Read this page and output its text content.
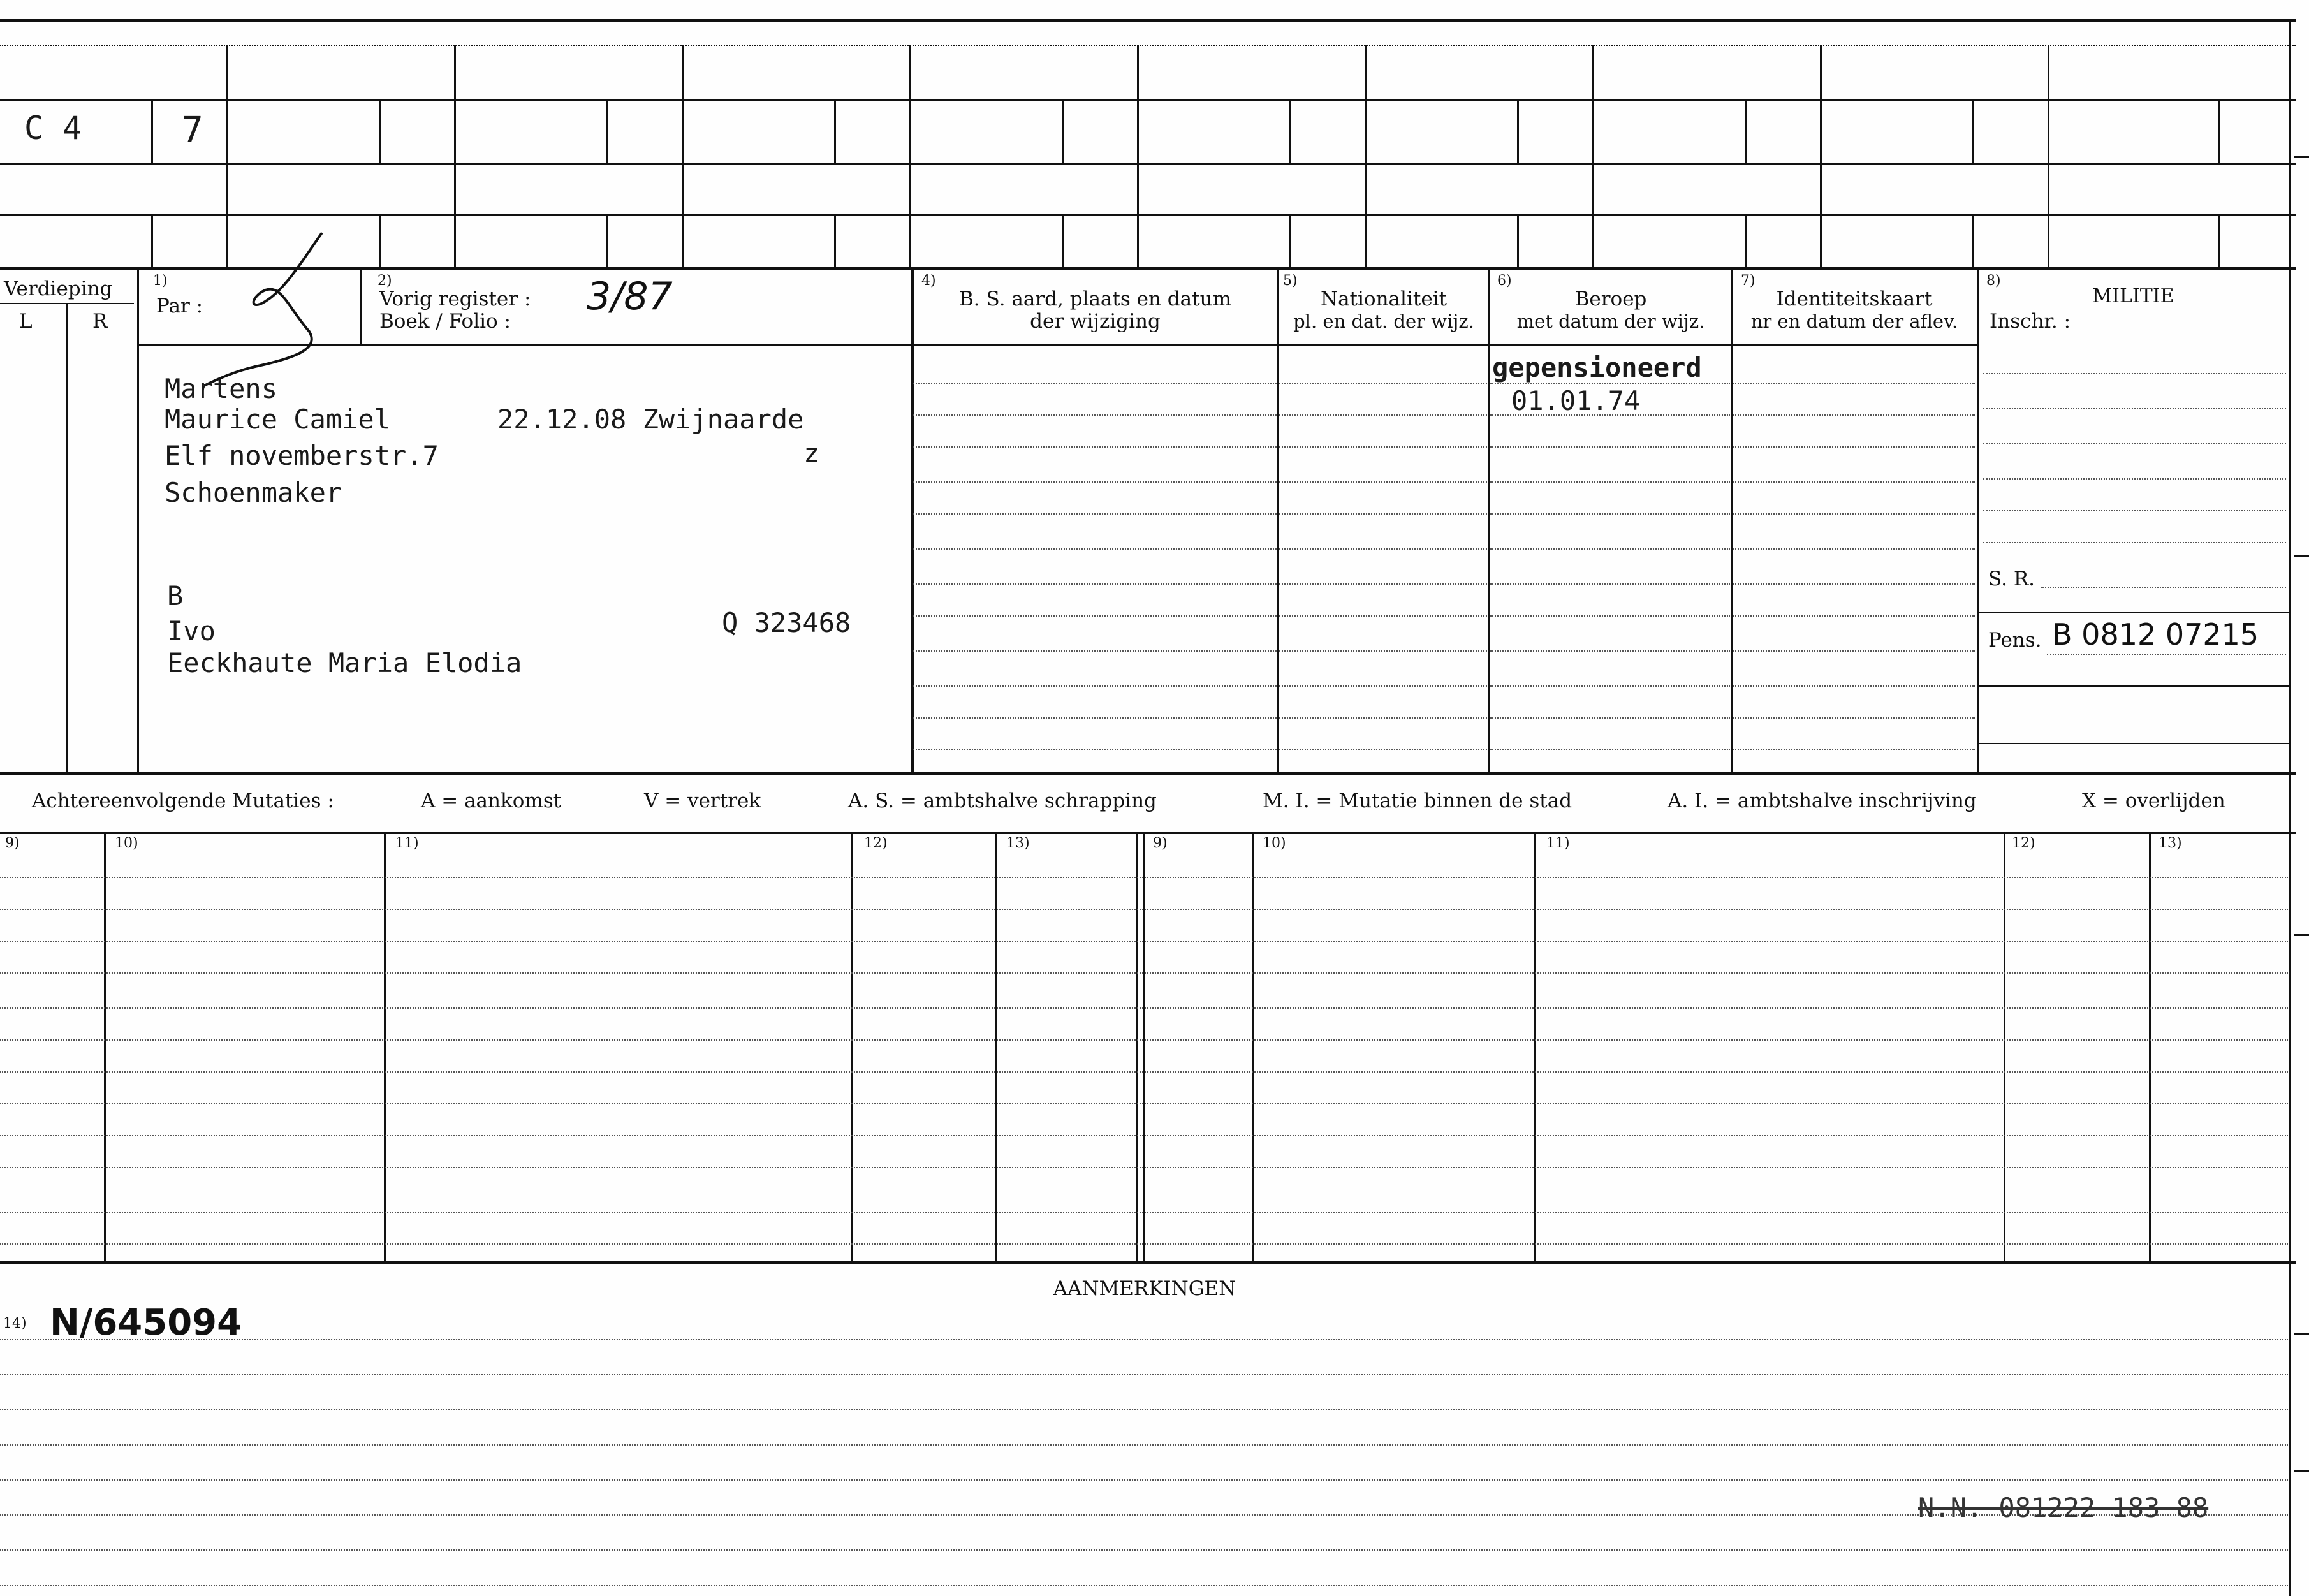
C 4	7
Verdieping
L	R
1)
Par :
2)
Vorig register : 3/87
Boek / Folio :
4)
B. S. aard, plaats en datum
der wijziging
5)
Nationaliteit
pl. en dat. der wijz.
6)
Beroep
met datum der wijz.
7)
Identiteitskaart
nr en datum der aflev.
8)
MILITIE
Inschr. :
Martens
Maurice Camiel	22.12.08 Zwijnaarde
Elf novemberstr.7	z
Schoenmaker
B
Ivo	Q 323468
Eeckhaute Maria Elodia
gepensioneerd
01.01.74
S. R.
Pens. B 0812 07215
Achtereenvolgende Mutaties :	A = aankomst	V = vertrek	A. S. = ambtshalve schrapping	M. I. = Mutatie binnen de stad	A. I. = ambtshalve inschrijving	X = overlijden
9)	10)	11)	12)	13)	9)	10)	11)	12)	13)
AANMERKINGEN
14) N/645094
N.N. 081222 183 88
